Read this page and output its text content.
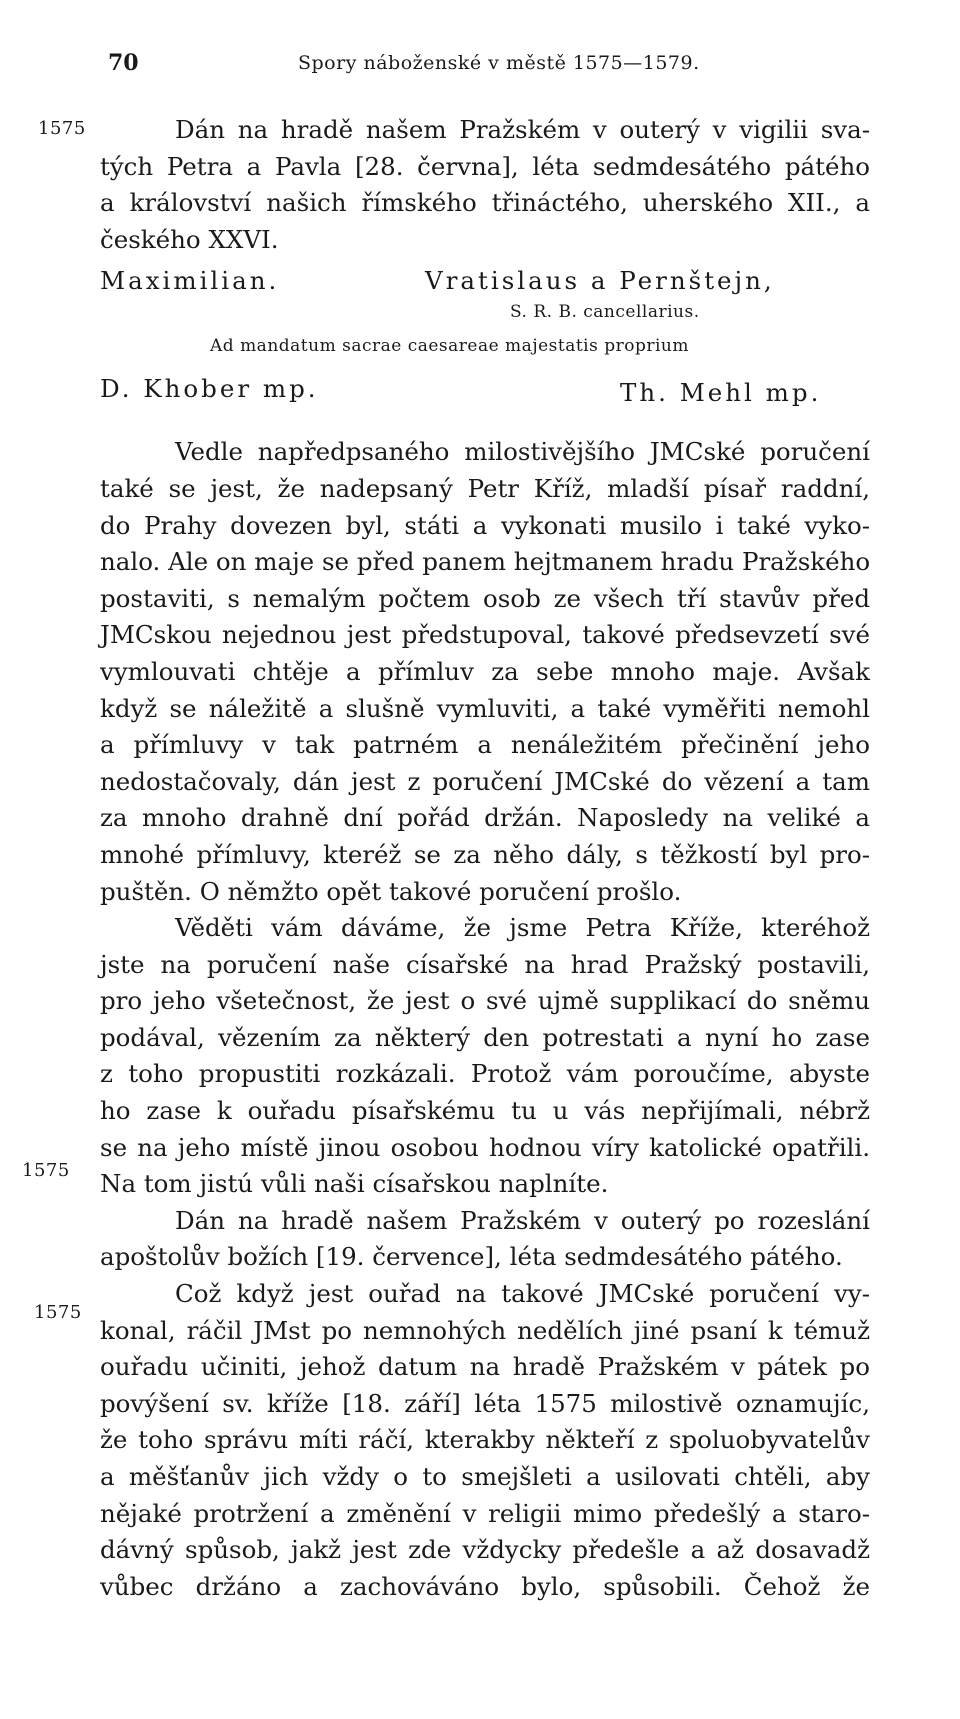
70	Spory náboženské v městě 1575—1579.
1575
1575
1575
Dán na hradě našem Pražském v outerý v vigilii sva-
tých Petra a Pavla [28. června], léta sedmdesátého pátého
a království našich římského třináctého, uherského XII., a
českého XXVI.
Maximilian.	Vratislaus a Pernštejn,
S. R. B. cancellarius.
Ad mandatum sacrae caesareae majestatis proprium
D. Khober mp.	Th. Mehl mp.
Vedle napředpsaného milostivějšího JMCské poručení
také se jest, že nadepsaný Petr Kříž, mladší písař raddní,
do Prahy dovezen byl, státi a vykonati musilo i také vyko-
nalo. Ale on maje se před panem hejtmanem hradu Pražského
postaviti, s nemalým počtem osob ze všech tří stavův před
JMCskou nejednou jest předstupoval, takové předsevzetí své
vymlouvati chtěje a přímluv za sebe mnoho maje. Avšak
když se náležitě a slušně vymluviti, a také vyměřiti nemohl
a přímluvy v tak patrném a nenáležitém přečinění jeho
nedostačovaly, dán jest z poručení JMCské do vězení a tam
za mnoho drahně dní pořád držán. Naposledy na veliké a
mnohé přímluvy, kteréž se za něho dály, s těžkostí byl pro-
puštěn. O němžto opět takové poručení prošlo.
Věděti vám dáváme, že jsme Petra Kříže, kteréhož
jste na poručení naše císařské na hrad Pražský postavili,
pro jeho všetečnost, že jest o své ujmě supplikací do sněmu
podával, vězením za některý den potrestati a nyní ho zase
z toho propustiti rozkázali. Protož vám poroučíme, abyste
ho zase k ouřadu písařskému tu u vás nepřijímali, nébrž
se na jeho místě jinou osobou hodnou víry katolické opatřili.
Na tom jistú vůli naši císařskou naplníte.
Dán na hradě našem Pražském v outerý po rozeslání
apoštolův božích [19. července], léta sedmdesátého pátého.
Což když jest ouřad na takové JMCské poručení vy-
konal, ráčil JMst po nemnohých nedělích jiné psaní k témuž
ouřadu učiniti, jehož datum na hradě Pražském v pátek po
povýšení sv. kříže [18. září] léta 1575 milostivě oznamujíc,
že toho správu míti ráčí, kterakby někteří z spoluobyvatelův
a měšťanův jich vždy o to smejšleti a usilovati chtěli, aby
nějaké protržení a změnění v religii mimo předešlý a staro-
dávný spůsob, jakž jest zde vždycky předešle a až dosavadž
vůbec držáno a zachováváno bylo, spůsobili. Čehož že
